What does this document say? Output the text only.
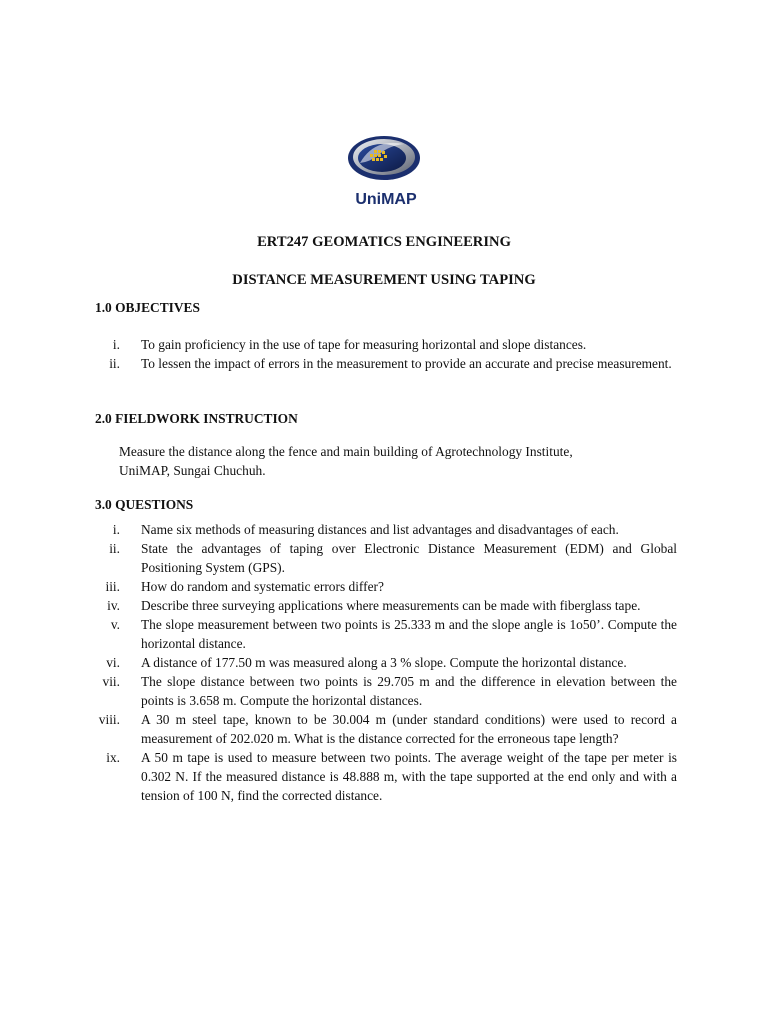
UniMAP
ERT247 GEOMATICS ENGINEERING
DISTANCE MEASUREMENT USING TAPING
1.0 OBJECTIVES
i. To gain proficiency in the use of tape for measuring horizontal and slope distances.
ii. To lessen the impact of errors in the measurement to provide an accurate and precise measurement.
2.0 FIELDWORK INSTRUCTION

Measure the distance along the fence and main building of Agrotechnology Institute,
UniMAP, Sungai Chuchuh.

3.0 QUESTIONS
i. Name six methods of measuring distances and list advantages and disadvantages of each.
ii. State the advantages of taping over Electronic Distance Measurement (EDM) and Global Positioning System (GPS).
iii. How do random and systematic errors differ?
iv. Describe three surveying applications where measurements can be made with fiberglass tape.
v. The slope measurement between two points is 25.333 m and the slope angle is 1o50’. Compute the horizontal distance.
vi. A distance of 177.50 m was measured along a 3 % slope. Compute the horizontal distance.
vii. The slope distance between two points is 29.705 m and the difference in elevation between the points is 3.658 m. Compute the horizontal distances.
viii. A 30 m steel tape, known to be 30.004 m (under standard conditions) were used to record a measurement of 202.020 m. What is the distance corrected for the erroneous tape length?
ix. A 50 m tape is used to measure between two points. The average weight of the tape per meter is 0.302 N. If the measured distance is 48.888 m, with the tape supported at the end only and with a tension of 100 N, find the corrected distance.
